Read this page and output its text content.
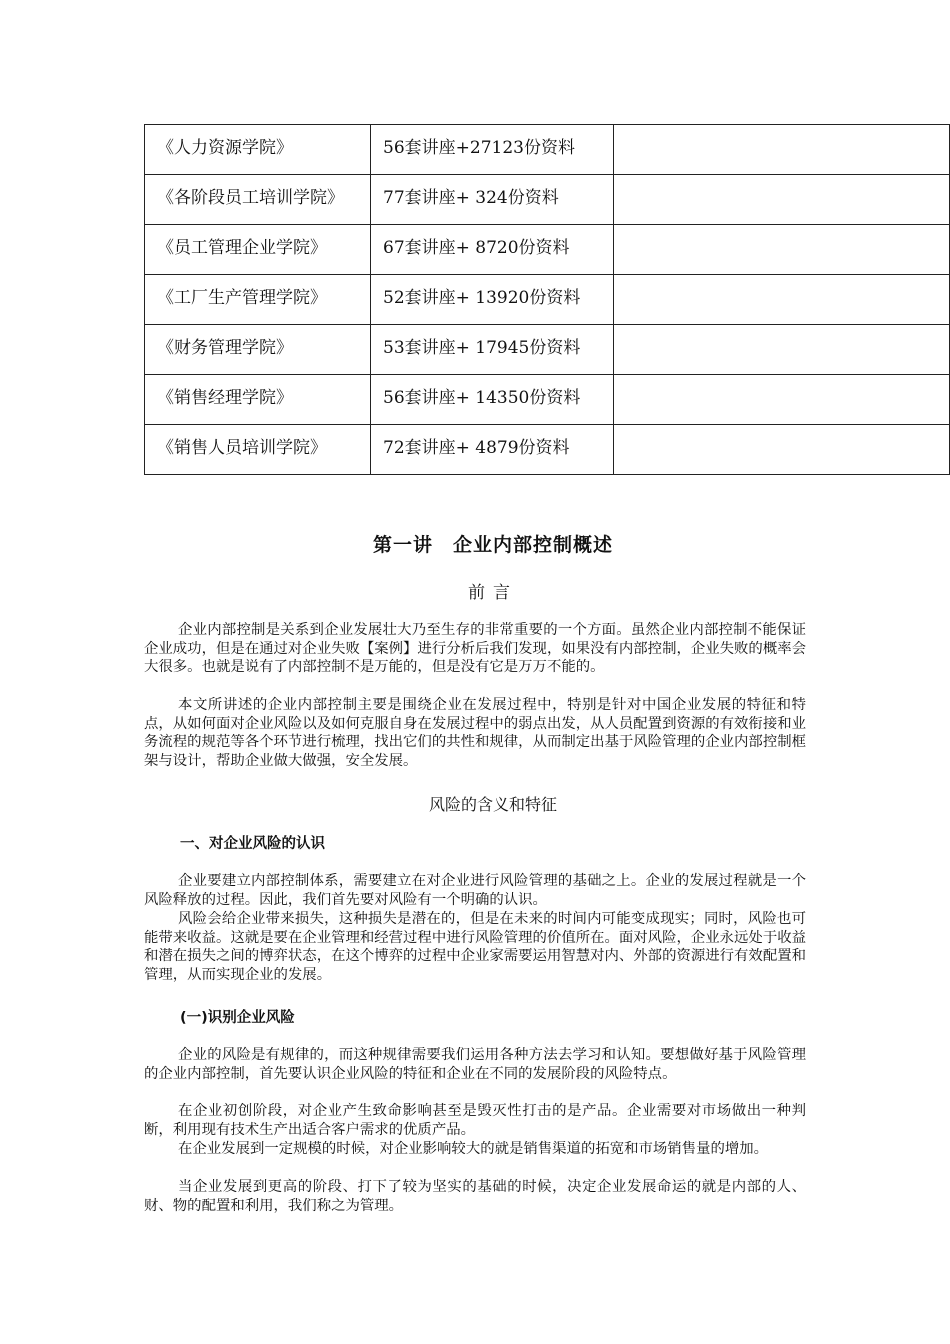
《人力资源学院》	56套讲座+27123份资料	
《各阶段员工培训学院》	77套讲座+ 324份资料	
《员工管理企业学院》	67套讲座+ 8720份资料	
《工厂生产管理学院》	52套讲座+ 13920份资料	
《财务管理学院》	53套讲座+ 17945份资料	
《销售经理学院》	56套讲座+ 14350份资料	
《销售人员培训学院》	72套讲座+ 4879份资料	
第一讲　企业内部控制概述
前言

企业内部控制是关系到企业发展壮大乃至生存的非常重要的一个方面。虽然企业内部控制不能保证企业成功，但是在通过对企业失败【案例】进行分析后我们发现，如果没有内部控制，企业失败的概率会大很多。也就是说有了内部控制不是万能的，但是没有它是万万不能的。

本文所讲述的企业内部控制主要是围绕企业在发展过程中，特别是针对中国企业发展的特征和特点，从如何面对企业风险以及如何克服自身在发展过程中的弱点出发，从人员配置到资源的有效衔接和业务流程的规范等各个环节进行梳理，找出它们的共性和规律，从而制定出基于风险管理的企业内部控制框架与设计，帮助企业做大做强，安全发展。

风险的含义和特征
一、对企业风险的认识

企业要建立内部控制体系，需要建立在对企业进行风险管理的基础之上。企业的发展过程就是一个风险释放的过程。因此，我们首先要对风险有一个明确的认识。

风险会给企业带来损失，这种损失是潜在的，但是在未来的时间内可能变成现实；同时，风险也可能带来收益。这就是要在企业管理和经营过程中进行风险管理的价值所在。面对风险，企业永远处于收益和潜在损失之间的博弈状态，在这个博弈的过程中企业家需要运用智慧对内、外部的资源进行有效配置和管理，从而实现企业的发展。

(一)识别企业风险

企业的风险是有规律的，而这种规律需要我们运用各种方法去学习和认知。要想做好基于风险管理的企业内部控制，首先要认识企业风险的特征和企业在不同的发展阶段的风险特点。

在企业初创阶段，对企业产生致命影响甚至是毁灭性打击的是产品。企业需要对市场做出一种判断，利用现有技术生产出适合客户需求的优质产品。

在企业发展到一定规模的时候，对企业影响较大的就是销售渠道的拓宽和市场销售量的增加。

当企业发展到更高的阶段、打下了较为坚实的基础的时候，决定企业发展命运的就是内部的人、财、物的配置和利用，我们称之为管理。
